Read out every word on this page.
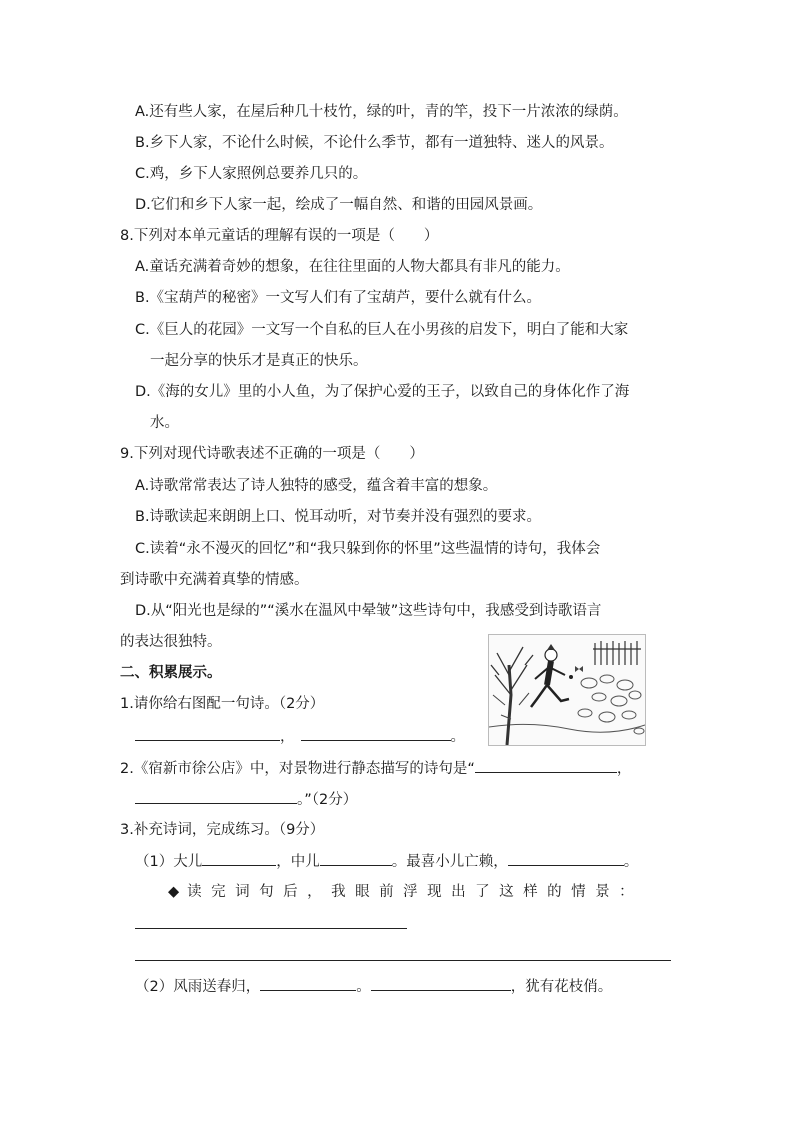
A.还有些人家，在屋后种几十枝竹，绿的叶，青的竿，投下一片浓浓的绿荫。
B.乡下人家，不论什么时候，不论什么季节，都有一道独特、迷人的风景。
C.鸡，乡下人家照例总要养几只的。
D.它们和乡下人家一起，绘成了一幅自然、和谐的田园风景画。
8.下列对本单元童话的理解有误的一项是（　　）
A.童话充满着奇妙的想象，在往往里面的人物大都具有非凡的能力。
B.《宝葫芦的秘密》一文写人们有了宝葫芦，要什么就有什么。
C.《巨人的花园》一文写一个自私的巨人在小男孩的启发下，明白了能和大家
一起分享的快乐才是真正的快乐。
D.《海的女儿》里的小人鱼，为了保护心爱的王子，以致自己的身体化作了海
水。
9.下列对现代诗歌表述不正确的一项是（　　）
A.诗歌常常表达了诗人独特的感受，蕴含着丰富的想象。
B.诗歌读起来朗朗上口、悦耳动听，对节奏并没有强烈的要求。
C.读着“永不漫灭的回忆”和“我只躲到你的怀里”这些温情的诗句，我体会
到诗歌中充满着真挚的情感。
D.从“阳光也是绿的”“溪水在温风中晕皱”这些诗句中，我感受到诗歌语言
的表达很独特。
二、积累展示。
1.请你给右图配一句诗。（2分）
，	。
2.《宿新市徐公店》中，对景物进行静态描写的诗句是“	，
。”（2分）
3.补充诗词，完成练习。（9分）
（1）大儿	，中儿	。最喜小儿亡赖，	。
◆ 读完词句后，我眼前浮现出了这样的情景：
（2）风雨送春归，	。	，犹有花枝俏。
